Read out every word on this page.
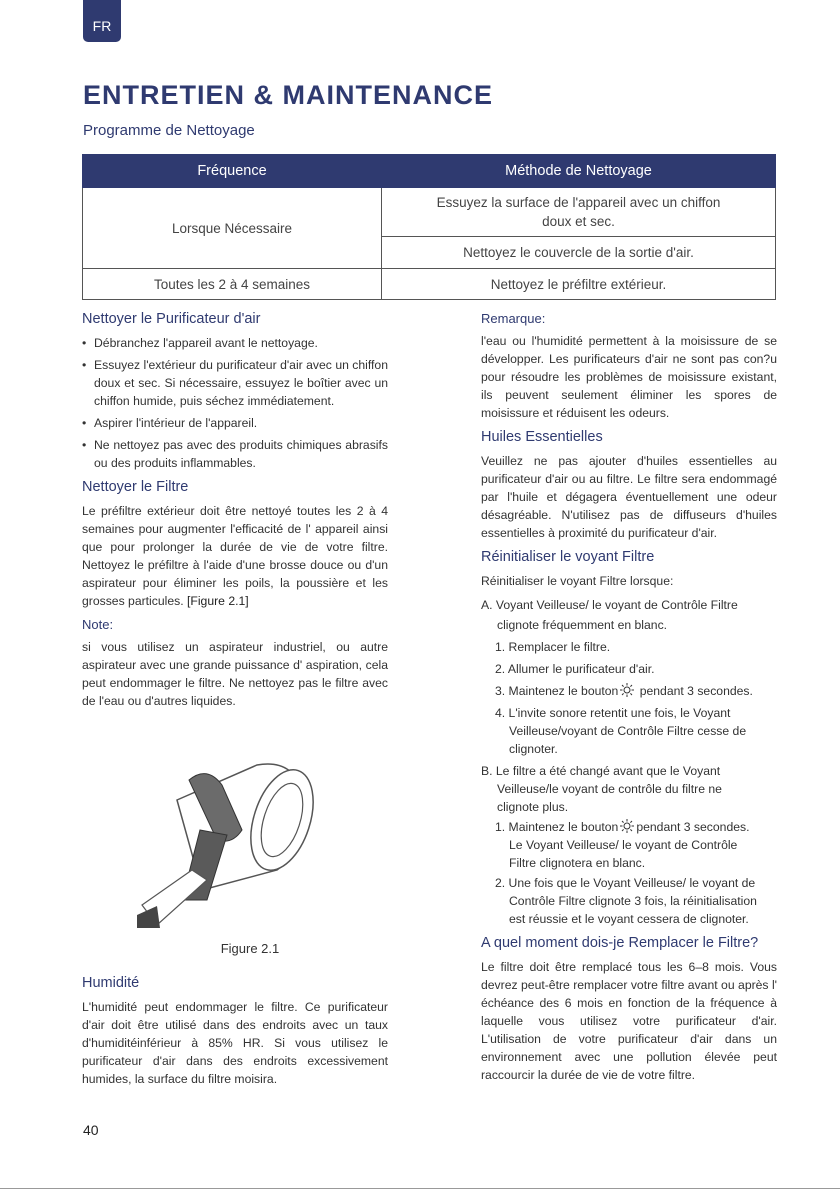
FR
ENTRETIEN & MAINTENANCE
Programme de Nettoyage
Fréquence	Méthode de Nettoyage
Lorsque Nécessaire	Essuyez la surface de l'appareil avec un chiffon doux et sec.
	Nettoyez le couvercle de la sortie d'air.
Toutes les 2 à 4 semaines	Nettoyez le préfiltre extérieur.
Nettoyer le Purificateur d'air
• Débranchez l'appareil avant le nettoyage.
• Essuyez l'extérieur du purificateur d'air avec un chiffon doux et sec. Si nécessaire, essuyez le boîtier avec un chiffon humide, puis séchez immédiatement.
• Aspirer l'intérieur de l'appareil.
• Ne nettoyez pas avec des produits chimiques abrasifs ou des produits inflammables.
Nettoyer le Filtre

Le préfiltre extérieur doit être nettoyé toutes les 2 à 4 semaines pour augmenter l'efficacité de l' appareil ainsi que pour prolonger la durée de vie de votre filtre. Nettoyez le préfiltre à l'aide d'une brosse douce ou d'un aspirateur pour éliminer les poils, la poussière et les grosses particules. [Figure 2.1]

Note:

si vous utilisez un aspirateur industriel, ou autre aspirateur avec une grande puissance d' aspiration, cela peut endommager le filtre. Ne nettoyez pas le filtre avec de l'eau ou d'autres liquides.

Figure 2.1
Humidité

L'humidité peut endommager le filtre. Ce purificateur d'air doit être utilisé dans des endroits avec un taux d'humiditéinférieur à 85% HR. Si vous utilisez le purificateur d'air dans des endroits excessivement humides, la surface du filtre moisira.

Remarque:

l'eau ou l'humidité permettent à la moisissure de se développer. Les purificateurs d'air ne sont pas con?u pour résoudre les problèmes de moisissure existant, ils peuvent seulement éliminer les spores de moisissure et réduisent les odeurs.

Huiles Essentielles

Veuillez ne pas ajouter d'huiles essentielles au purificateur d'air ou au filtre. Le filtre sera endommagé par l'huile et dégagera éventuellement une odeur désagréable. N'utilisez pas de diffuseurs d'huiles essentielles à proximité du purificateur d'air.

Réinitialiser le voyant Filtre

Réinitialiser le voyant Filtre lorsque:

A. Voyant Veilleuse/ le voyant de Contrôle Filtre
clignote fréquemment en blanc.
1. Remplacer le filtre.
2. Allumer le purificateur d'air.
3. Maintenez le bouton pendant 3 secondes.
4. L'invite sonore retentit une fois, le Voyant
Veilleuse/voyant de Contrôle Filtre cesse de
clignoter.
B. Le filtre a été changé avant que le Voyant
Veilleuse/le voyant de contrôle du filtre ne
clignote plus.
1. Maintenez le bouton pendant 3 secondes.
Le Voyant Veilleuse/ le voyant de Contrôle
Filtre clignotera en blanc.
2. Une fois que le Voyant Veilleuse/ le voyant de
Contrôle Filtre clignote 3 fois, la réinitialisation
est réussie et le voyant cessera de clignoter.
A quel moment dois-je Remplacer le Filtre?

Le filtre doit être remplacé tous les 6–8 mois. Vous devrez peut-être remplacer votre filtre avant ou après l' échéance des 6 mois en fonction de la fréquence à laquelle vous utilisez votre purificateur d'air. L'utilisation de votre purificateur d'air dans un environnement avec une pollution élevée peut raccourcir la durée de vie de votre filtre.

40
